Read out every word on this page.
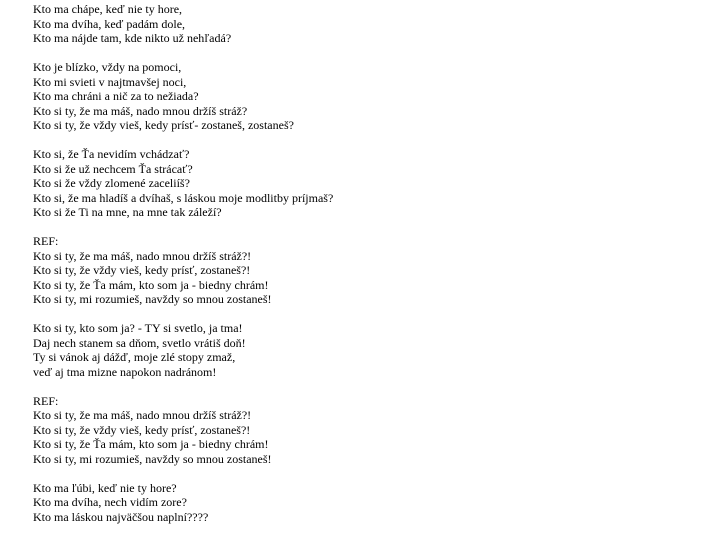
Kto ma chápe, keď nie ty hore,
Kto ma dvíha, keď padám dole,
Kto ma nájde tam, kde nikto už nehľadá?
Kto je blízko, vždy na pomoci,
Kto mi svieti v najtmavšej noci,
Kto ma chráni a nič za to nežiada?
Kto si ty, že ma máš, nado mnou držíš stráž?
Kto si ty, že vždy vieš, kedy prísť- zostaneš, zostaneš?
Kto si, že Ťa nevidím vchádzať?
Kto si že už nechcem Ťa strácať?
Kto si že vždy zlomené zaceliíš?
Kto si, že ma hladíš a dvíhaš, s láskou moje modlitby príjmaš?
Kto si že Ti na mne, na mne tak záleží?
REF:
Kto si ty, že ma máš, nado mnou držíš stráž?!
Kto si ty, že vždy vieš, kedy prísť, zostaneš?!
Kto si ty, že Ťa mám, kto som ja - biedny chrám!
Kto si ty, mi rozumieš, navždy so mnou zostaneš!
Kto si ty, kto som ja? - TY si svetlo, ja tma!
Daj nech stanem sa dňom, svetlo vrátiš doň!
Ty si vánok aj dážď, moje zlé stopy zmaž,
veď aj tma mizne napokon nadránom!
REF:
Kto si ty, že ma máš, nado mnou držíš stráž?!
Kto si ty, že vždy vieš, kedy prísť, zostaneš?!
Kto si ty, že Ťa mám, kto som ja - biedny chrám!
Kto si ty, mi rozumieš, navždy so mnou zostaneš!
Kto ma ľúbi, keď nie ty hore?
Kto ma dvíha, nech vidím zore?
Kto ma láskou najväčšou naplní????
